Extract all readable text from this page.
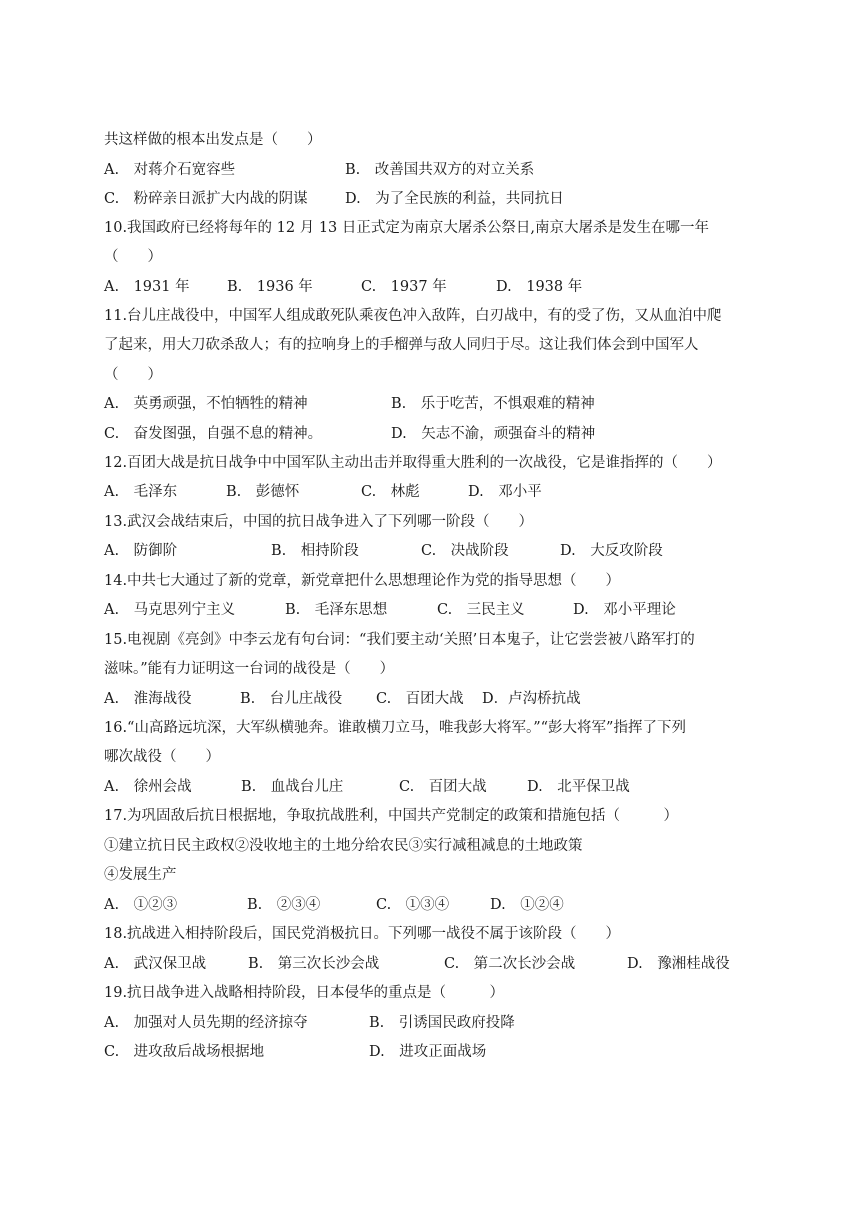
共这样做的根本出发点是（　　）
A.　对蒋介石宽容些	B.　改善国共双方的对立关系
C.　粉碎亲日派扩大内战的阴谋	D.　为了全民族的利益，共同抗日
10.我国政府已经将每年的 12 月 13 日正式定为南京大屠杀公祭日,南京大屠杀是发生在哪一年
（　　）
A.　1931 年	B.　1936 年	C.　1937 年	D.　1938 年
11.台儿庄战役中，中国军人组成敢死队乘夜色冲入敌阵，白刃战中，有的受了伤，又从血泊中爬
了起来，用大刀砍杀敌人；有的拉响身上的手榴弹与敌人同归于尽。这让我们体会到中国军人
（　　）
A.　英勇顽强，不怕牺牲的精神	B.　乐于吃苦，不惧艰难的精神
C.　奋发图强，自强不息的精神。	D.　矢志不渝，顽强奋斗的精神
12.百团大战是抗日战争中中国军队主动出击并取得重大胜利的一次战役，它是谁指挥的（　　）
A.　毛泽东	B.　彭德怀	C.　林彪	D.　邓小平
13.武汉会战结束后，中国的抗日战争进入了下列哪一阶段（　　）
A.　防御阶	B.　相持阶段	C.　决战阶段	D.　大反攻阶段
14.中共七大通过了新的党章，新党章把什么思想理论作为党的指导思想（　　）
A.　马克思列宁主义	B.　毛泽东思想	C.　三民主义	D.　邓小平理论
15.电视剧《亮剑》中李云龙有句台词：“我们要主动‘关照’日本鬼子，让它尝尝被八路军打的
滋味。”能有力证明这一台词的战役是（　　）
A.　淮海战役	B.　台儿庄战役 C.　百团大战 D．卢沟桥抗战
16.“山高路远坑深，大军纵横驰奔。谁敢横刀立马，唯我彭大将军。”“彭大将军”指挥了下列
哪次战役（　　）
A.　徐州会战	B.　血战台儿庄	C.　百团大战	D.　北平保卫战
17.为巩固敌后抗日根据地，争取抗战胜利，中国共产党制定的政策和措施包括（　　　）
①建立抗日民主政权②没收地主的土地分给农民③实行减租减息的土地政策
④发展生产
A.　①②③	B.　②③④	C.　①③④	D.　①②④
18.抗战进入相持阶段后，国民党消极抗日。下列哪一战役不属于该阶段（　　）
A.　武汉保卫战	B.　第三次长沙会战	C.　第二次长沙会战	D.　豫湘桂战役
19.抗日战争进入战略相持阶段，日本侵华的重点是（　　　）
A.　加强对人员先期的经济掠夺	B.　引诱国民政府投降
C.　进攻敌后战场根据地	D.　进攻正面战场
